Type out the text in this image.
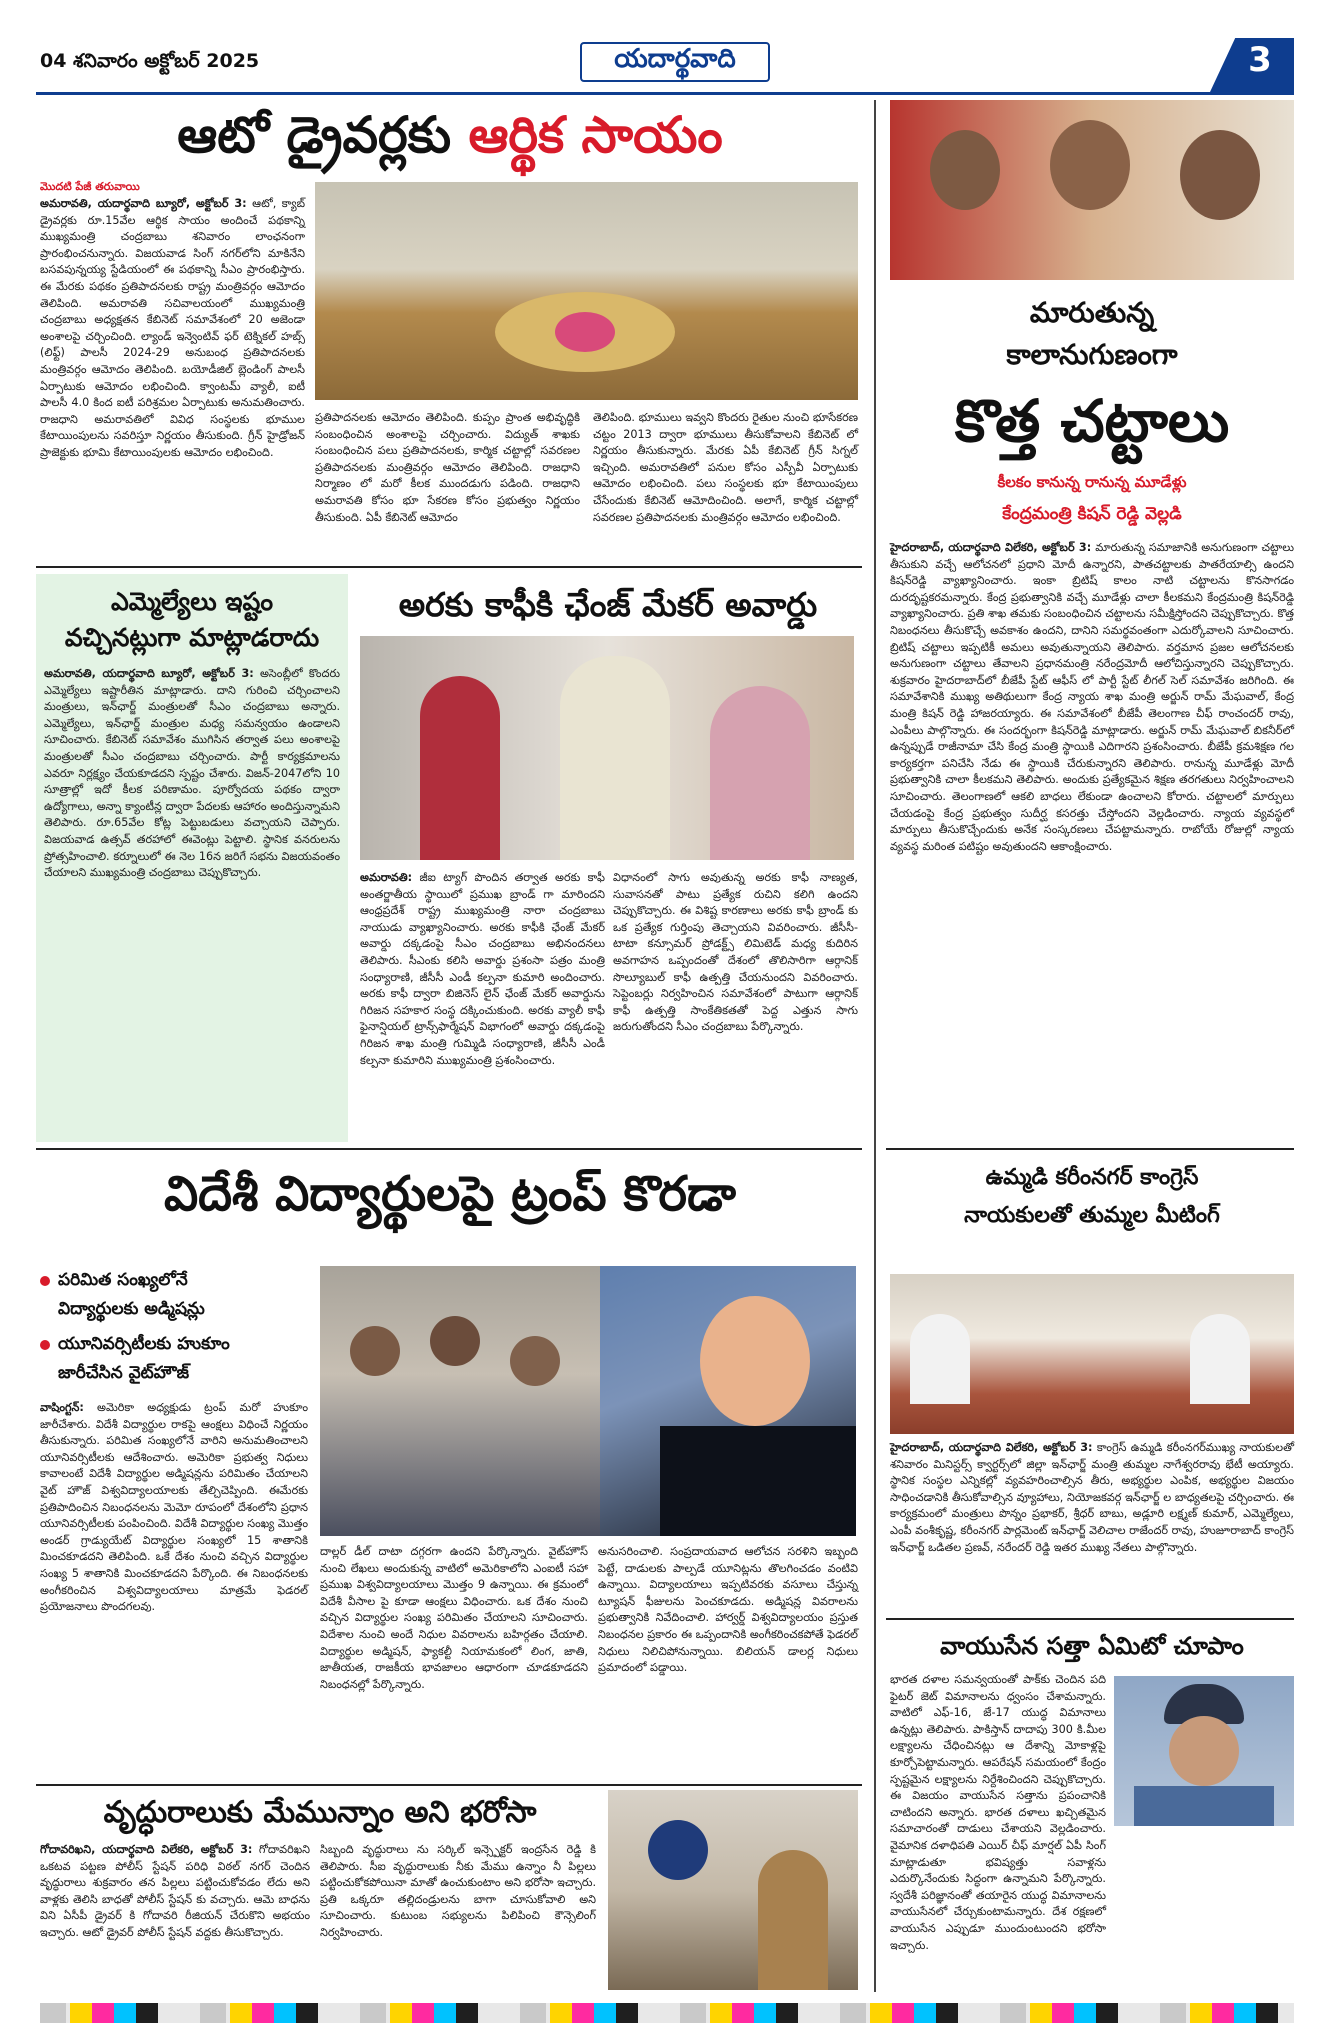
04 శనివారం అక్టోబర్ 2025	యదార్థవాది	3
ఆటో డ్రైవర్లకు ఆర్థిక సాయం
మొదటి పేజీ తరువాయి
అమరావతి, యదార్థవాది బ్యూరో, అక్టోబర్ 3: ఆటో, క్యాబ్ డ్రైవర్లకు రూ.15వేల ఆర్థిక సాయం అందించే పథకాన్ని ముఖ్యమంత్రి చంద్రబాబు శనివారం లాంఛనంగా ప్రారంభించనున్నారు. విజయవాడ సింగ్ నగర్‌లోని మాకినేని బసవపున్నయ్య స్టేడియంలో ఈ పథకాన్ని సీఎం ప్రారంభిస్తారు. ఈ మేరకు పథకం ప్రతిపాదనలకు రాష్ట్ర మంత్రివర్గం ఆమోదం తెలిపింది. అమరావతి సచివాలయంలో ముఖ్యమంత్రి చంద్రబాబు అధ్యక్షతన కేబినెట్ సమావేశంలో 20 అజెండా అంశాలపై చర్చించింది. ల్యాండ్ ఇన్వెంటివ్ ఫర్ టెక్నికల్ హబ్స్ (లిఫ్ట్) పాలసీ 2024-29 అనుబంధ ప్రతిపాదనలకు మంత్రివర్గం ఆమోదం తెలిపింది. బయోడీజిల్ బ్లెండింగ్ పాలసీ ఏర్పాటుకు ఆమోదం లభించింది. క్వాంటమ్ వ్యాలీ, ఐటీ పాలసీ 4.0 కింద ఐటీ పరిశ్రమల ఏర్పాటుకు అనుమతించారు. రాజధాని అమరావతిలో వివిధ సంస్థలకు భూముల కేటాయింపులను సవరిస్తూ నిర్ణయం తీసుకుంది. గ్రీన్ హైడ్రోజన్ ప్రాజెక్టుకు భూమి కేటాయింపులకు ఆమోదం లభించింది.
ప్రతిపాదనలకు ఆమోదం తెలిపింది. కుప్పం ప్రాంత అభివృద్ధికి సంబంధించిన అంశాలపై చర్చించారు. విద్యుత్ శాఖకు సంబంధించిన పలు ప్రతిపాదనలకు, కార్మిక చట్టాల్లో సవరణల ప్రతిపాదనలకు మంత్రివర్గం ఆమోదం తెలిపింది. రాజధాని నిర్మాణం లో మరో కీలక ముందడుగు పడింది. రాజధాని అమరావతి కోసం భూ సేకరణ కోసం ప్రభుత్వం నిర్ణయం తీసుకుంది. ఏపీ కేబినెట్ ఆమోదం
తెలిపింది. భూములు ఇవ్వని కొందరు రైతుల నుంచి భూసేకరణ చట్టం 2013 ద్వారా భూములు తీసుకోవాలని కేబినెట్ లో నిర్ణయం తీసుకున్నారు. మేరకు ఏపీ కేబినెట్ గ్రీన్ సిగ్నల్ ఇచ్చింది. అమరావతిలో పనుల కోసం ఎస్పీవీ ఏర్పాటుకు ఆమోదం లభించింది. పలు సంస్థలకు భూ కేటాయింపులు చేసేందుకు కేబినెట్ ఆమోదించింది. అలాగే, కార్మిక చట్టాల్లో సవరణల ప్రతిపాదనలకు మంత్రివర్గం ఆమోదం లభించింది.
ఎమ్మెల్యేలు ఇష్టం
వచ్చినట్లుగా మాట్లాడరాదు
అమరావతి, యదార్థవాది బ్యూరో, అక్టోబర్ 3: అసెంబ్లీలో కొందరు ఎమ్మెల్యేలు ఇష్టారీతిన మాట్లాడారు. దాని గురించి చర్చించాలని మంత్రులు, ఇన్‌ఛార్జ్ మంత్రులతో సీఎం చంద్రబాబు అన్నారు. ఎమ్మెల్యేలు, ఇన్‌ఛార్జ్ మంత్రుల మధ్య సమన్వయం ఉండాలని సూచించారు. కేబినెట్ సమావేశం ముగిసిన తర్వాత పలు అంశాలపై మంత్రులతో సీఎం చంద్రబాబు చర్చించారు. పార్టీ కార్యక్రమాలను ఎవరూ నిర్లక్ష్యం చేయకూడదని స్పష్టం చేశారు. విజన్-2047లోని 10 సూత్రాల్లో ఇదో కీలక పరిణామం. పూర్వోదయ పథకం ద్వారా ఉద్యోగాలు, అన్నా క్యాంటీన్ల ద్వారా పేదలకు ఆహారం అందిస్తున్నామని తెలిపారు. రూ.65వేల కోట్ల పెట్టుబడులు వచ్చాయని చెప్పారు. విజయవాడ ఉత్సవ్ తరహాలో ఈవెంట్లు పెట్టాలి. స్థానిక వనరులను ప్రోత్సహించాలి. కర్నూలులో ఈ నెల 16న జరిగే సభను విజయవంతం చేయాలని ముఖ్యమంత్రి చంద్రబాబు చెప్పుకొచ్చారు.
అరకు కాఫీకి ఛేంజ్ మేకర్ అవార్డు
అమరావతి: జీఐ ట్యాగ్ పొందిన తర్వాత అరకు కాఫీ అంతర్జాతీయ స్థాయిలో ప్రముఖ బ్రాండ్ గా మారిందని ఆంధ్రప్రదేశ్ రాష్ట్ర ముఖ్యమంత్రి నారా చంద్రబాబు నాయుడు వ్యాఖ్యానించారు. అరకు కాఫీకి ఛేంజ్ మేకర్ అవార్డు దక్కడంపై సీఎం చంద్రబాబు అభినందనలు తెలిపారు. సీఎంకు కలిసి అవార్డు ప్రశంసా పత్రం మంత్రి సంధ్యారాణి, జీసీసీ ఎండీ కల్పనా కుమారి అందించారు. అరకు కాఫీ ద్వారా బిజినెస్ లైన్ ఛేంజ్ మేకర్ అవార్డును గిరిజన సహకార సంస్థ దక్కించుకుంది. అరకు వ్యాలీ కాఫీ ఫైనాన్షియల్ ట్రాన్స్‌ఫార్మేషన్ విభాగంలో అవార్డు దక్కడంపై గిరిజన శాఖ మంత్రి గుమ్మిడి సంధ్యారాణి, జీసీసీ ఎండీ కల్పనా కుమారిని ముఖ్యమంత్రి ప్రశంసించారు.
విధానంలో సాగు అవుతున్న అరకు కాఫీ నాణ్యత, సువాసనతో పాటు ప్రత్యేక రుచిని కలిగి ఉందని చెప్పుకొచ్చారు. ఈ విశిష్ట కారణాలు అరకు కాఫీ బ్రాండ్ కు ఒక ప్రత్యేక గుర్తింపు తెచ్చాయని వివరించారు. జీసీసీ-టాటా కన్సూమర్ ప్రోడక్ట్స్ లిమిటెడ్ మధ్య కుదిరిన అవగాహన ఒప్పందంతో దేశంలో తొలిసారిగా ఆర్గానిక్ సొల్యూబుల్ కాఫీ ఉత్పత్తి చేయనుందని వివరించారు. సెప్టెంబర్లు నిర్వహించిన సమావేశంలో పాటుగా ఆర్గానిక్ కాఫీ ఉత్పత్తి సాంకేతికతతో పెద్ద ఎత్తున సాగు జరుగుతోందని సీఎం చంద్రబాబు పేర్కొన్నారు.
విదేశీ విద్యార్థులపై ట్రంప్ కొరడా
పరిమిత సంఖ్యలోనే
విద్యార్థులకు అడ్మిషన్లు
యూనివర్సిటీలకు హుకూం
జారీచేసిన వైట్‌హౌజ్
వాషింగ్టన్: అమెరికా అధ్యక్షుడు ట్రంప్ మరో హుకూం జారీచేశారు. విదేశీ విద్యార్థుల రాకపై ఆంక్షలు విధించే నిర్ణయం తీసుకున్నారు. పరిమిత సంఖ్యలోనే వారిని అనుమతించాలని యూనివర్సిటీలకు ఆదేశించారు. అమెరికా ప్రభుత్వ నిధులు కావాలంటే విదేశీ విద్యార్థుల అడ్మిషన్లను పరిమితం చేయాలని వైట్ హౌజ్ విశ్వవిద్యాలయాలకు తేల్చిచెప్పింది. ఈమేరకు ప్రతిపాదించిన నిబంధనలను మెమో రూపంలో దేశంలోని ప్రధాన యూనివర్సిటీలకు పంపించింది. విదేశీ విద్యార్థుల సంఖ్య మొత్తం అండర్ గ్రాడ్యుయేట్ విద్యార్థుల సంఖ్యలో 15 శాతానికి మించకూడదని తెలిపింది. ఒకే దేశం నుంచి వచ్చిన విద్యార్థుల సంఖ్య 5 శాతానికి మించకూడదని పేర్కొంది. ఈ నిబంధనలకు అంగీకరించిన విశ్వవిద్యాలయాలు మాత్రమే ఫెడరల్ ప్రయోజనాలు పొందగలవు.
దాల్లర్ డీల్ దాటా దగ్గరగా ఉందని పేర్కొన్నారు. వైట్‌హౌస్ నుంచి లేఖలు అందుకున్న వాటిలో అమెరికాలోని ఎంఐటీ సహా ప్రముఖ విశ్వవిద్యాలయాలు మొత్తం 9 ఉన్నాయి. ఈ క్రమంలో విదేశీ వీసాల పై కూడా ఆంక్షలు విధించారు. ఒక దేశం నుంచి వచ్చిన విద్యార్థుల సంఖ్య పరిమితం చేయాలని సూచించారు. విదేశాల నుంచి అందే నిధుల వివరాలను బహిర్గతం చేయాలి. విద్యార్థుల అడ్మిషన్, ఫ్యాకల్టీ నియామకంలో లింగ, జాతి, జాతీయత, రాజకీయ భావజాలం ఆధారంగా చూడకూడదని నిబంధనల్లో పేర్కొన్నారు.
అనుసరించాలి. సంప్రదాయవాద ఆలోచన సరళిని ఇబ్బంది పెట్టే, దాడులకు పాల్పడే యూనిట్లను తొలగించడం వంటివి ఉన్నాయి. విద్యాలయాలు ఇప్పటివరకు వసూలు చేస్తున్న ట్యూషన్ ఫీజులను పెంచకూడదు. అడ్మిషన్ల వివరాలను ప్రభుత్వానికి నివేదించాలి. హార్వర్డ్ విశ్వవిద్యాలయం ప్రస్తుత నిబంధనల ప్రకారం ఈ ఒప్పందానికి అంగీకరించకపోతే ఫెడరల్ నిధులు నిలిచిపోనున్నాయి. బిలియన్ డాలర్ల నిధులు ప్రమాదంలో పడ్డాయి.
వృద్ధురాలుకు మేమున్నాం అని భరోసా
గోదావరిఖని, యదార్థవాది విలేకరి, అక్టోబర్ 3: గోదావరిఖని ఒకటవ పట్టణ పోలీస్ స్టేషన్ పరిధి విఠల్ నగర్ చెందిన వృద్ధురాలు శుక్రవారం తన పిల్లలు పట్టించుకోవడం లేదు అని వాళ్లకు తెలిసి బాధతో పోలీస్ స్టేషన్ కు వచ్చారు. ఆమె బాధను విని ఏసీపీ డ్రైవర్ కి గోదావరి రీజియన్ చేరుకొని అభయం ఇచ్చారు. ఆటో డ్రైవర్ పోలీస్ స్టేషన్ వద్దకు తీసుకొచ్చారు.
సిబ్బంది వృద్ధురాలు ను సర్కిల్ ఇన్స్పెక్టర్ ఇంద్రసేన రెడ్డి కి తెలిపారు. సీఐ వృద్ధురాలుకు నీకు మేము ఉన్నాం నీ పిల్లలు పట్టించుకోకపోయినా మాతో ఉంచుకుంటాం అని భరోసా ఇచ్చారు. ప్రతి ఒక్కరూ తల్లిదండ్రులను బాగా చూసుకోవాలి అని సూచించారు. కుటుంబ సభ్యులను పిలిపించి కౌన్సెలింగ్ నిర్వహించారు.
మారుతున్న
కాలానుగుణంగా
కొత్త చట్టాలు
కీలకం కానున్న రానున్న మూడేళ్లు
కేంద్రమంత్రి కిషన్ రెడ్డి వెల్లడి
హైదరాబాద్, యదార్థవాది విలేకరి, అక్టోబర్ 3: మారుతున్న సమాజానికి అనుగుణంగా చట్టాలు తీసుకుని వచ్చే ఆలోచనలో ప్రధాని మోదీ ఉన్నారని, పాతచట్టాలకు పాతరేయాల్సి ఉందని కిషన్‌రెడ్డి వ్యాఖ్యానించారు. ఇంకా బ్రిటిష్ కాలం నాటి చట్టాలను కొనసాగడం దురదృష్టకరమన్నారు. కేంద్ర ప్రభుత్వానికి వచ్చే మూడేళ్లు చాలా కీలకమని కేంద్రమంత్రి కిషన్‌రెడ్డి వ్యాఖ్యానించారు. ప్రతి శాఖ తమకు సంబంధించిన చట్టాలను సమీక్షిస్తోందని చెప్పుకొచ్చారు. కొత్త నిబంధనలు తీసుకొచ్చే అవకాశం ఉందని, దానిని సమర్థవంతంగా ఎదుర్కోవాలని సూచించారు. బ్రిటిష్ చట్టాలు ఇప్పటికీ అమలు అవుతున్నాయని తెలిపారు. వర్తమాన ప్రజల ఆలోచనలకు అనుగుణంగా చట్టాలు తేవాలని ప్రధానమంత్రి నరేంద్రమోదీ ఆలోచిస్తున్నారని చెప్పుకొచ్చారు. శుక్రవారం హైదరాబాద్‌లో బీజేపీ స్టేట్ ఆఫీస్ లో పార్టీ స్టేట్ లీగల్ సెల్ సమావేశం జరిగింది. ఈ సమావేశానికి ముఖ్య అతిథులుగా కేంద్ర న్యాయ శాఖ మంత్రి అర్జున్ రామ్ మేఘవాల్, కేంద్ర మంత్రి కిషన్ రెడ్డి హాజరయ్యారు. ఈ సమావేశంలో బీజేపీ తెలంగాణ చీఫ్ రాంచందర్ రావు, ఎంపీలు పాల్గొన్నారు. ఈ సందర్భంగా కిషన్‌రెడ్డి మాట్లాడారు. అర్జున్ రామ్ మేఘవాల్ బికనీర్‌లో ఉన్నప్పుడే రాజీనామా చేసి కేంద్ర మంత్రి స్థాయికి ఎదిగారని ప్రశంసించారు. బీజేపీ క్రమశిక్షణ గల కార్యకర్తగా పనిచేసి నేడు ఈ స్థాయికి చేరుకున్నారని తెలిపారు. రానున్న మూడేళ్లు మోదీ ప్రభుత్వానికి చాలా కీలకమని తెలిపారు. అందుకు ప్రత్యేకమైన శిక్షణ తరగతులు నిర్వహించాలని సూచించారు. తెలంగాణలో ఆకలి బాధలు లేకుండా ఉంచాలని కోరారు. చట్టాలలో మార్పులు చేయడంపై కేంద్ర ప్రభుత్వం సుదీర్ఘ కసరత్తు చేస్తోందని వెల్లడించారు. న్యాయ వ్యవస్థలో మార్పులు తీసుకొచ్చేందుకు అనేక సంస్కరణలు చేపట్టామన్నారు. రాబోయే రోజుల్లో న్యాయ వ్యవస్థ మరింత పటిష్టం అవుతుందని ఆకాంక్షించారు.
ఉమ్మడి కరీంనగర్ కాంగ్రెస్
నాయకులతో తుమ్మల మీటింగ్
హైదరాబాద్, యదార్థవాది విలేకరి, అక్టోబర్ 3: కాంగ్రెస్ ఉమ్మడి కరీంనగర్‌ముఖ్య నాయకులతో శనివారం మినిస్టర్స్ క్వార్టర్స్‌లో జిల్లా ఇన్‌ఛార్జ్ మంత్రి తుమ్మల నాగేశ్వరరావు భేటీ అయ్యారు. స్థానిక సంస్థల ఎన్నికల్లో వ్యవహరించాల్సిన తీరు, అభ్యర్థుల ఎంపిక, అభ్యర్థుల విజయం సాధించడానికి తీసుకోవాల్సిన వ్యూహాలు, నియోజకవర్గ ఇన్‌ఛార్జ్ ల బాధ్యతలపై చర్చించారు. ఈ కార్యక్రమంలో మంత్రులు పొన్నం ప్రభాకర్, శ్రీధర్ బాబు, అడ్లూరి లక్ష్మణ్ కుమార్, ఎమ్మెల్యేలు, ఎంపీ వంశీకృష్ణ, కరీంనగర్ పార్లమెంట్ ఇన్‌ఛార్జ్ వెలిచాల రాజేందర్ రావు, హుజూరాబాద్ కాంగ్రెస్ ఇన్‌ఛార్జ్ ఒడితల ప్రణవ్, నరేందర్ రెడ్డి ఇతర ముఖ్య నేతలు పాల్గొన్నారు.
వాయుసేన సత్తా ఏమిటో చూపాం
భారత దళాల సమన్వయంతో పాక్‌కు చెందిన పది ఫైటర్ జెట్ విమానాలను ధ్వంసం చేశామన్నారు. వాటిలో ఎఫ్-16, జే-17 యుద్ధ విమానాలు ఉన్నట్లు తెలిపారు. పాకిస్తాన్ దాదాపు 300 కి.మీల లక్ష్యాలను చేధించినట్లు ఆ దేశాన్ని మోకాళ్లపై కూర్చోపెట్టామన్నారు. ఆపరేషన్ సమయంలో కేంద్రం స్పష్టమైన లక్ష్యాలను నిర్దేశించిందని చెప్పుకొచ్చారు. ఈ విజయం వాయుసేన సత్తాను ప్రపంచానికి చాటిందని అన్నారు. భారత దళాలు ఖచ్చితమైన సమాచారంతో దాడులు చేశాయని వెల్లడించారు. వైమానిక దళాధిపతి ఎయిర్ చీఫ్ మార్షల్ ఏపీ సింగ్ మాట్లాడుతూ భవిష్యత్తు సవాళ్లను ఎదుర్కొనేందుకు సిద్ధంగా ఉన్నామని పేర్కొన్నారు. స్వదేశీ పరిజ్ఞానంతో తయారైన యుద్ధ విమానాలను వాయుసేనలో చేర్చుకుంటామన్నారు. దేశ రక్షణలో వాయుసేన ఎప్పుడూ ముందుంటుందని భరోసా ఇచ్చారు.
